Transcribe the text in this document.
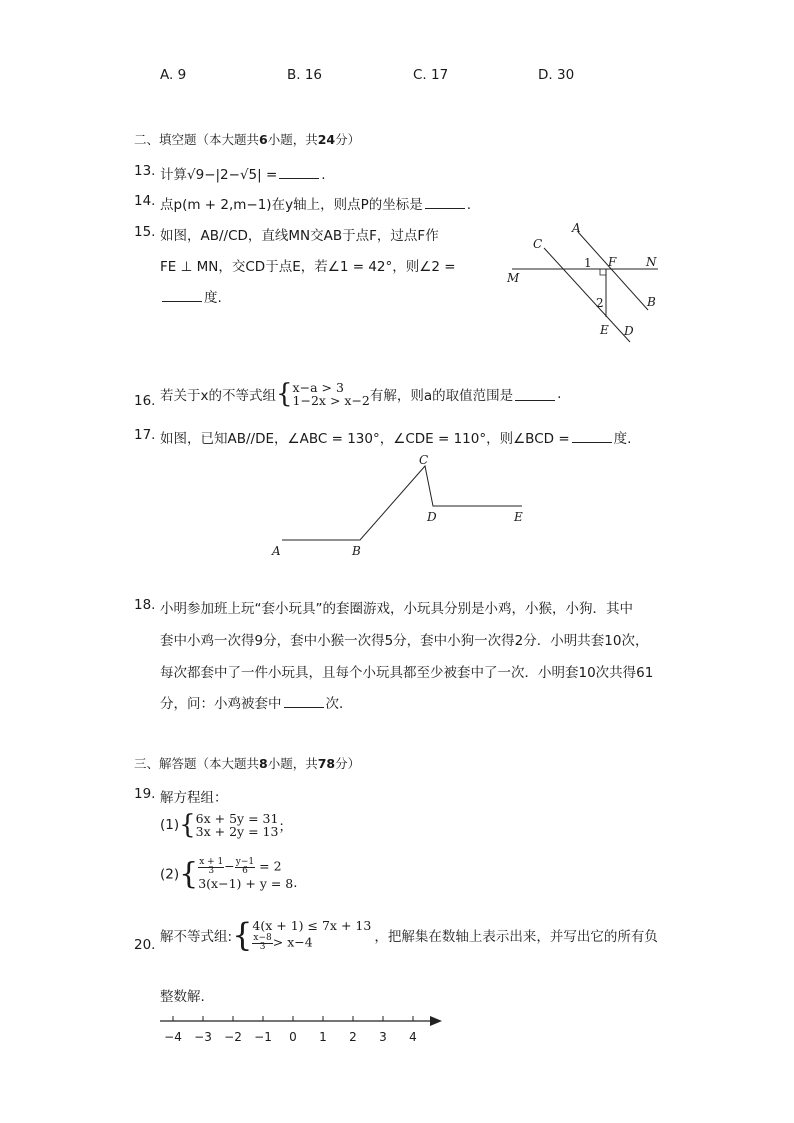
A. 9	B. 16	C. 17	D. 30
二、填空题（本大题共6小题，共24分）
13. 计算√9−|2−√5| =	.
14. 点p(m + 2,m−1)在y轴上，则点P的坐标是	.
15. 如图，AB//CD，直线MN交AB于点F，过点F作
FE ⊥ MN，交CD于点E，若∠1 = 42°，则∠2 =
度.
A
C
F N
M
B
E D
1
2
16. 若关于x的不等式组{x−a > 3
1−2x > x−2有解，则a的取值范围是	.
17. 如图，已知AB//DE，∠ABC = 130°，∠CDE = 110°，则∠BCD =	度.
A	B
C
D	E
18. 小明参加班上玩“套小玩具”的套圈游戏，小玩具分别是小鸡，小猴，小狗．其中
套中小鸡一次得9分，套中小猴一次得5分，套中小狗一次得2分．小明共套10次，
每次都套中了一件小玩具，且每个小玩具都至少被套中了一次．小明套10次共得61
分，问：小鸡被套中	次．
三、解答题（本大题共8小题，共78分）
19. 解方程组：
(1){6x + 5y = 31
3x + 2y = 13；
$(2)\{\frac{x + 1}{3}-\frac{y-1}{6} = 2$
3(x−1) + y = 8.
20. 解不等式组:{4(x + 1) ≤ 7x + 13
$\frac{x-8}{3}> x-4$	，把解集在数轴上表示出来，并写出它的所有负
整数解.
−4 −3 −2 −1 0 1 2 3 4
